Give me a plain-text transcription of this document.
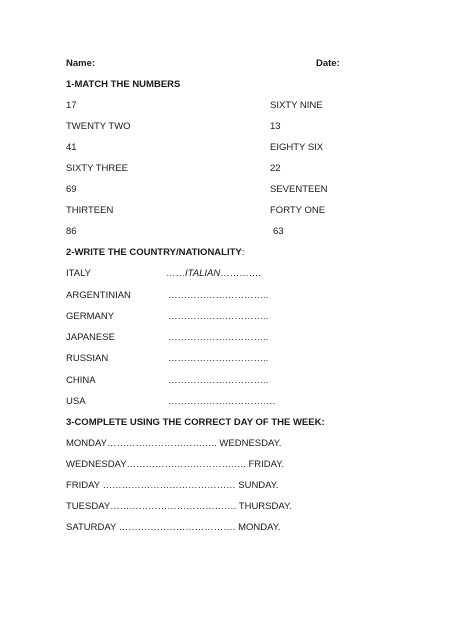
Name:	Date:
1-MATCH THE NUMBERS
17	SIXTY NINE
TWENTY TWO	13
41	EIGHTY SIX
SIXTY THREE	22
69	SEVENTEEN
THIRTEEN	FORTY ONE
86	63
2-WRITE THE COUNTRY/NATIONALITY:
ITALY	……ITALIAN………….
ARGENTINIAN	…………………………..
GERMANY	…………………………..
JAPANESE	…………………………..
RUSSIAN	…………………………..
CHINA	…………………………..
USA	…………………………….
3-COMPLETE USING THE CORRECT DAY OF THE WEEK:
MONDAY…………………………….. WEDNESDAY.
WEDNESDAY……………………………….. FRIDAY.
FRIDAY …………………………………… SUNDAY.
TUESDAY…………………………………. THURSDAY.
SATURDAY ………………………………. MONDAY.
